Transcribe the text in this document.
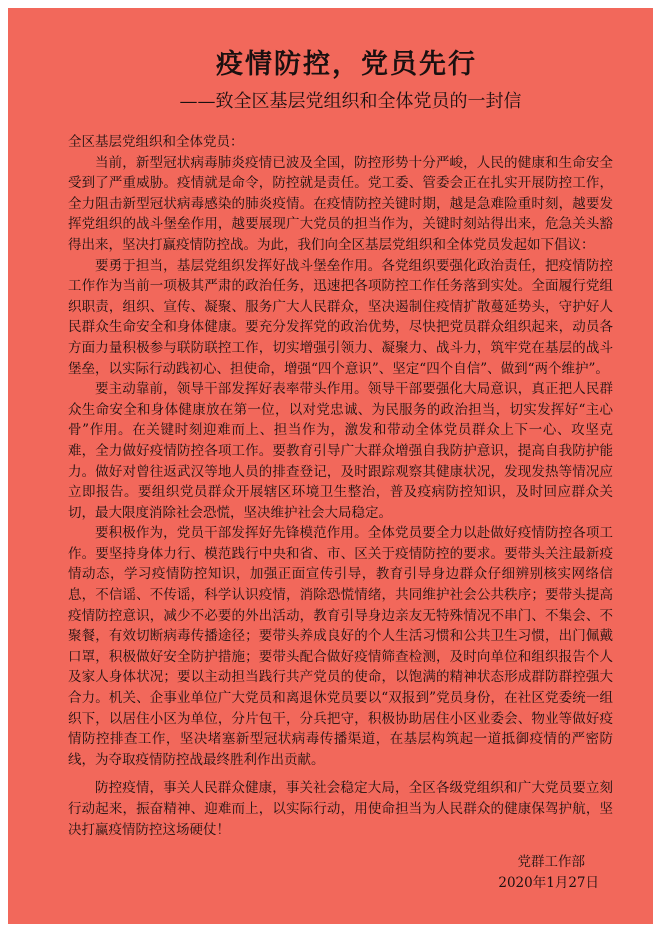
疫情防控，党员先行
——致全区基层党组织和全体党员的一封信

全区基层党组织和全体党员：

当前，新型冠状病毒肺炎疫情已波及全国，防控形势十分严峻，人民的健康和生命安全受到了严重威胁。疫情就是命令，防控就是责任。党工委、管委会正在扎实开展防控工作，全力阻击新型冠状病毒感染的肺炎疫情。在疫情防控关键时期，越是急难险重时刻，越要发挥党组织的战斗堡垒作用，越要展现广大党员的担当作为，关键时刻站得出来，危急关头豁得出来，坚决打赢疫情防控战。为此，我们向全区基层党组织和全体党员发起如下倡议：

要勇于担当，基层党组织发挥好战斗堡垒作用。各党组织要强化政治责任，把疫情防控工作作为当前一项极其严肃的政治任务，迅速把各项防控工作任务落到实处。全面履行党组织职责，组织、宣传、凝聚、服务广大人民群众，坚决遏制住疫情扩散蔓延势头，守护好人民群众生命安全和身体健康。要充分发挥党的政治优势，尽快把党员群众组织起来，动员各方面力量积极参与联防联控工作，切实增强引领力、凝聚力、战斗力，筑牢党在基层的战斗堡垒，以实际行动践初心、担使命，增强“四个意识”、坚定“四个自信”、做到“两个维护”。

要主动靠前，领导干部发挥好表率带头作用。领导干部要强化大局意识，真正把人民群众生命安全和身体健康放在第一位，以对党忠诚、为民服务的政治担当，切实发挥好“主心骨”作用。在关键时刻迎难而上、担当作为，激发和带动全体党员群众上下一心、攻坚克难，全力做好疫情防控各项工作。要教育引导广大群众增强自我防护意识，提高自我防护能力。做好对曾往返武汉等地人员的排查登记，及时跟踪观察其健康状况，发现发热等情况应立即报告。要组织党员群众开展辖区环境卫生整治，普及疫病防控知识，及时回应群众关切，最大限度消除社会恐慌，坚决维护社会大局稳定。

要积极作为，党员干部发挥好先锋模范作用。全体党员要全力以赴做好疫情防控各项工作。要坚持身体力行、模范践行中央和省、市、区关于疫情防控的要求。要带头关注最新疫情动态，学习疫情防控知识，加强正面宣传引导，教育引导身边群众仔细辨别核实网络信息，不信谣、不传谣，科学认识疫情，消除恐慌情绪，共同维护社会公共秩序；要带头提高疫情防控意识，减少不必要的外出活动，教育引导身边亲友无特殊情况不串门、不集会、不聚餐，有效切断病毒传播途径；要带头养成良好的个人生活习惯和公共卫生习惯，出门佩戴口罩，积极做好安全防护措施；要带头配合做好疫情筛查检测，及时向单位和组织报告个人及家人身体状况；要以主动担当践行共产党员的使命，以饱满的精神状态形成群防群控强大合力。机关、企事业单位广大党员和离退休党员要以“双报到”党员身份，在社区党委统一组织下，以居住小区为单位，分片包干，分兵把守，积极协助居住小区业委会、物业等做好疫情防控排查工作，坚决堵塞新型冠状病毒传播渠道，在基层构筑起一道抵御疫情的严密防线，为夺取疫情防控战最终胜利作出贡献。

防控疫情，事关人民群众健康，事关社会稳定大局，全区各级党组织和广大党员要立刻行动起来，振奋精神、迎难而上，以实际行动，用使命担当为人民群众的健康保驾护航，坚决打赢疫情防控这场硬仗！

党群工作部
2020年1月27日
